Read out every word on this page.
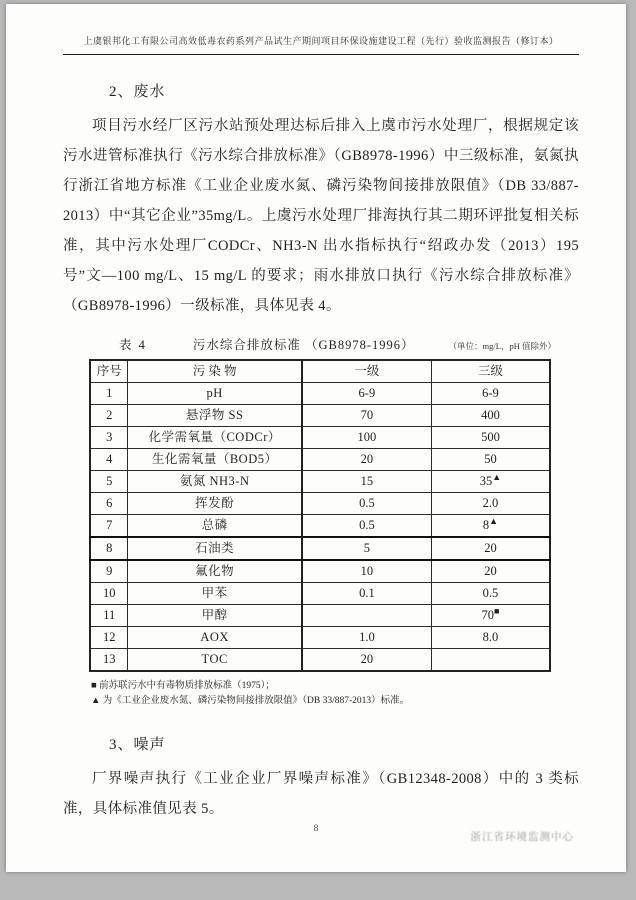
上虞银邦化工有限公司高效低毒农药系列产品试生产期间项目环保设施建设工程（先行）验收监测报告（修订本）
2、废水

项目污水经厂区污水站预处理达标后排入上虞市污水处理厂，根据规定该污水进管标准执行《污水综合排放标准》（GB8978-1996）中三级标准，氨氮执行浙江省地方标准《工业企业废水氮、磷污染物间接排放限值》（DB 33/887-2013）中“其它企业”35mg/L。上虞污水处理厂排海执行其二期环评批复相关标准，其中污水处理厂CODCr、NH3-N 出水指标执行“绍政办发（2013）195 号”文—100 mg/L、15 mg/L 的要求；雨水排放口执行《污水综合排放标准》（GB8978-1996）一级标准，具体见表 4。

表 4	污水综合排放标准 （GB8978-1996）	（单位：mg/L，pH 值除外）
序号	污 染 物	一级	三级
1	pH	6-9	6-9
2	悬浮物 SS	70	400
3	化学需氧量（CODCr）	100	500
4	生化需氧量（BOD5）	20	50
5	氨氮 NH3-N	15	35▲
6	挥发酚	0.5	2.0
7	总磷	0.5	8▲
8	石油类	5	20
9	氟化物	10	20
10	甲苯	0.1	0.5
11	甲醇		70■
12	AOX	1.0	8.0
13	TOC	20	

■ 前苏联污水中有毒物质排放标准（1975）；

▲ 为《工业企业废水氮、磷污染物间接排放限值》（DB 33/887-2013）标准。

3、噪声

厂界噪声执行《工业企业厂界噪声标准》（GB12348-2008）中的 3 类标准，具体标准值见表 5。

8
浙江省环境监测中心
